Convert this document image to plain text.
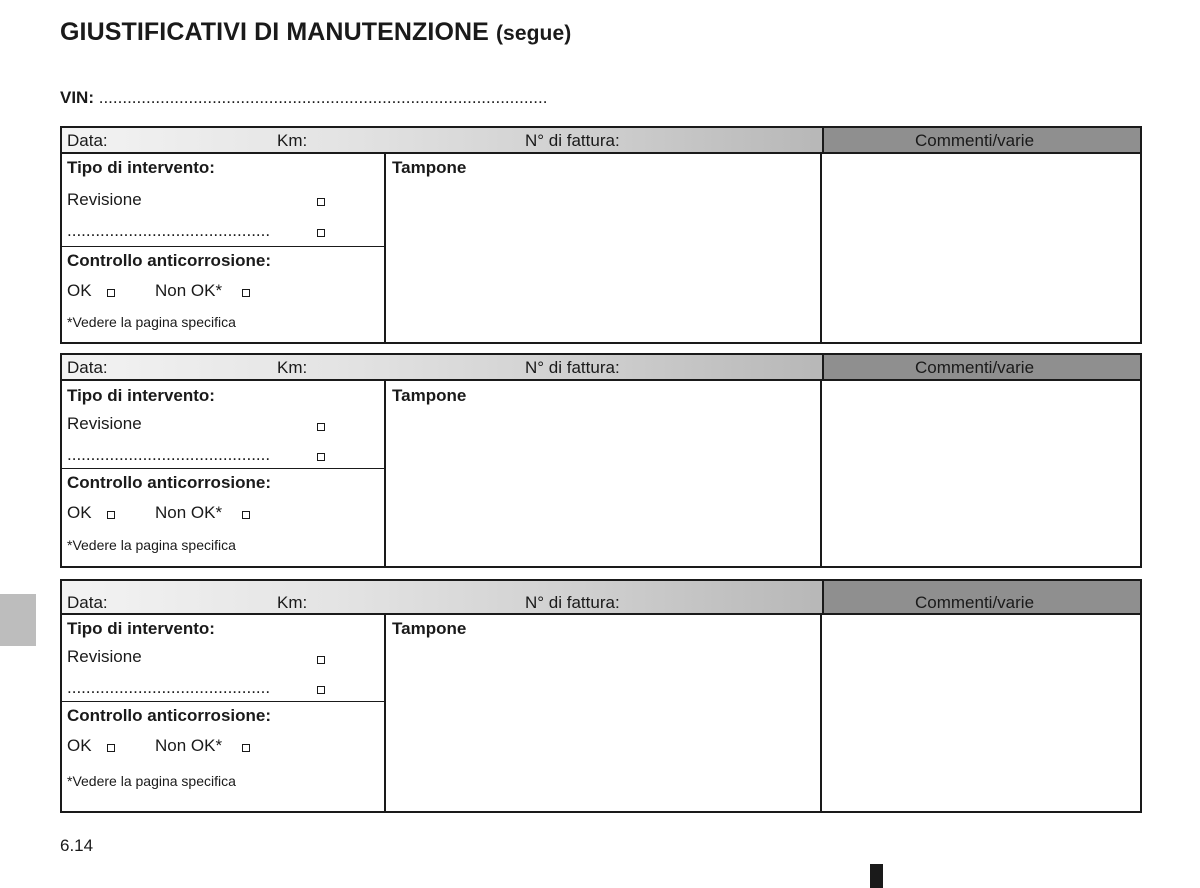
GIUSTIFICATIVI DI MANUTENZIONE (segue)
VIN: ...............................................................................................
Data:	Km:	N° di fattura:	Commenti/varie
Tipo di intervento:
Revisione
...........................................
Controllo anticorrosione:
OK	Non OK*
*Vedere la pagina specifica
Tampone
Data:	Km:	N° di fattura:	Commenti/varie
Tipo di intervento:
Revisione
...........................................
Controllo anticorrosione:
OK	Non OK*
*Vedere la pagina specifica
Tampone
Data:	Km:	N° di fattura:	Commenti/varie
Tipo di intervento:
Revisione
...........................................
Controllo anticorrosione:
OK	Non OK*
*Vedere la pagina specifica
Tampone
6.14
